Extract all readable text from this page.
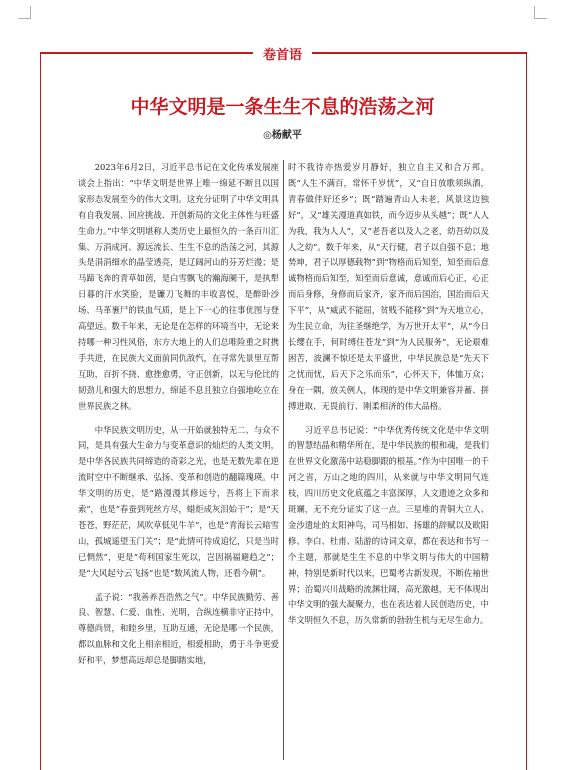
卷首语
中华文明是一条生生不息的浩荡之河
◎杨献平

2023年6月2日，习近平总书记在文化传承发展座谈会上指出：“中华文明是世界上唯一绵延不断且以国家形态发展至今的伟大文明。这充分证明了中华文明具有自我发展、回应挑战、开创新局的文化主体性与旺盛生命力。”中华文明堪称人类历史上最恒久的一条百川汇集、万涓成河、源远流长、生生不息的浩荡之河，其源头是涓涓细水的晶莹透亮，是辽阔河山的芬芳烂漫；是马蹄飞奔的青草如茵，是白雪飘飞的瀚海阑干，是执犁日暮的汗水笑脸，是镰刀飞舞的丰收喜悦，是醉卧沙场、马革裹尸的铁血气质，是上下一心的往事优图与登高望远。数千年来，无论是在怎样的环境当中，无论来持哪一种习性风俗，东方大地上的人们总唯险重之时携手共进，在民族大义面前同仇敌忾，在寻常先景里互帮互助，百折不挠、愈挫愈勇，守正创新，以无与伦比的韧劲儿和强大的思想力，绵延不息且独立自强地屹立在世界民族之林。

中华民族文明历史，从一开始就独特无二、与众不同，是具有强大生命力与变革意识的灿烂的人类文明，是中华各民族共同缔造的奇彩之光，也是无数先辈在逆流时空中不断继承、弘扬、变革和创造的翻篇瑰瑛。中华文明的历史，是“路漫漫其修远兮，吾将上下而求索”，也是“春蚕到死丝方尽，蜡炬成灰泪始干”；是“天苍苍，野茫茫，风吹草低见牛羊”，也是“青海长云暗雪山，孤城遥望玉门关”；是“此情可待成追忆，只是当时已惘然”，更是“苟利国家生死以，岂因祸福避趋之”；是“大风起兮云飞扬”也是“数风流人物，还看今朝”。

孟子说：“我善养吾浩然之气”。中华民族勤劳、善良、智慧、仁爱、血性、光明，合纵连横非守正持中，尊德尚贤，和睦乡里，互助互通，无论是哪一个民族，都以血脉和文化上相亲相近，相爱相助，勇于斗争更爱好和平，梦想高远却总是脚踏实地，

时不我待亦热爱岁月静好，独立自主又和合万邦。既“人生不满百，常怀千岁忧”，又“自日放歌须纵酒，青春做伴好还乡”；既“踏遍青山人未老，风景这边独好”，又“雄关漫道真如铁，而今迈步从头越”；既“人人为我，我为人人”，又“老吾老以及人之老，幼吾幼以及人之幼”。数千年来，从“天行健，君子以自强不息；地势坤，君子以厚德载物”到“物格而后知至，知至而后意诚物格而后知至，知至而后意诚，意诚而后心正，心正而后身修，身修而后家齐，家齐而后国治，国治而后天下平”，从“威武不能屈，贫贱不能移”到“为天地立心，为生民立命，为往圣继绝学，为万世开太平”，从“今日长缨在手，何时缚住苍龙”到“为人民服务”，无论艰难困苦，波澜不惊还是太平盛世，中华民族总是“先天下之忧而忧，后天下之乐而乐”，心怀天下，体恤万众；身在一隅，放关例人，体现的是中华文明兼容并蓄、拼搏进取、无畏前行、刚柔相济的伟大品格。

习近平总书记说：“中华优秀传统文化是中华文明的智慧结晶和精华所在，是中华民族的根和魂，是我们在世界文化激荡中站稳脚跟的根基。”作为中国唯一的千河之省，万山之地的四川，从来就与中华文明同气连枝，四川历史文化底蕴之丰富深厚，人文遗迹之众多和斑斓，无不充分证实了这一点。三星堆的青铜大立人、金沙遗址的太阳神鸟，司马相如、扬雄的辞赋以及欧阳修、李白、杜甫、陆游的诗词文章，都在表达和书写一个主题，那就是生生不息的中华文明与伟大的中国精神，特别是新时代以来，巴蜀考古新发现，不断佐袖世界；治蜀兴川战略的流渊壮阔，高光激越，无不体现出中华文明的强大凝聚力，也在表达着人民创造历史，中华文明恒久不息，历久常新的勃勃生机与无尽生命力。
